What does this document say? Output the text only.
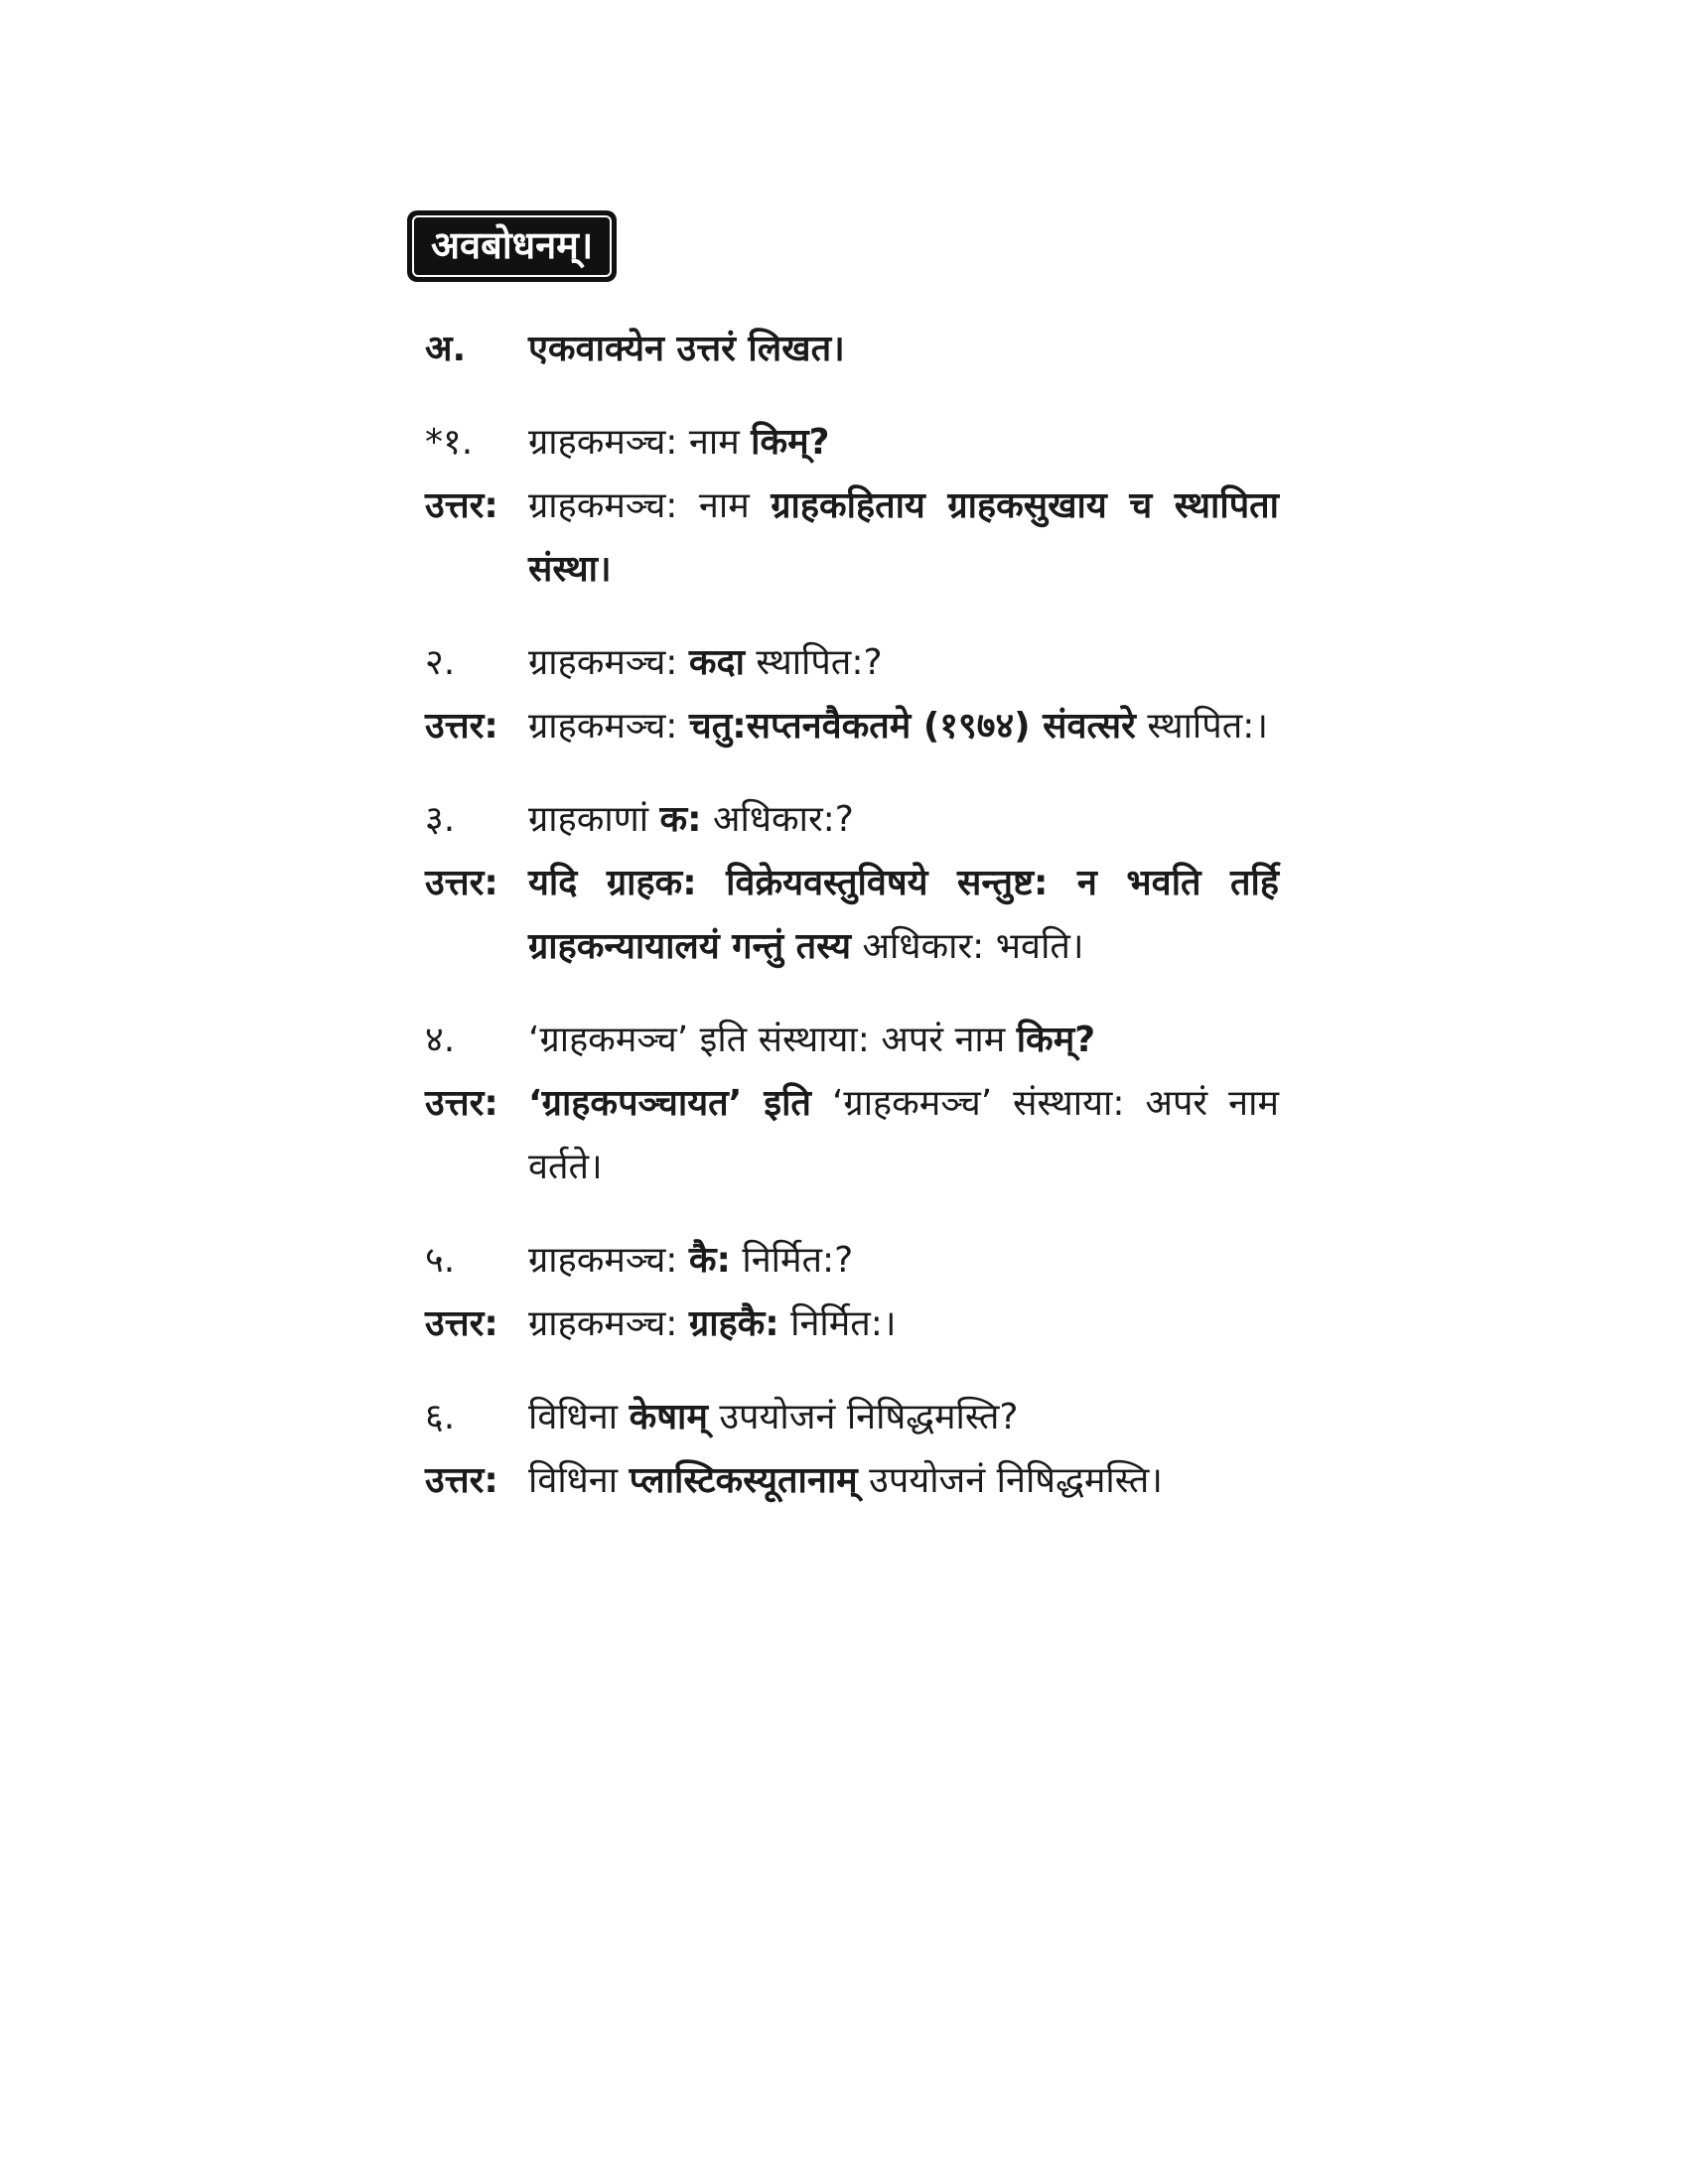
अवबोधनम्।
अ. एकवाक्येन उत्तरं लिखत।
*१. ग्राहकमञ्च: नाम किम्?
उत्तर: ग्राहकमञ्च: नाम ग्राहकहिताय ग्राहकसुखाय च स्थापिता संस्था।
२. ग्राहकमञ्च: कदा स्थापित:?
उत्तर: ग्राहकमञ्च: चतु:सप्तनवैकतमे (१९७४) संवत्सरे स्थापित:।
३. ग्राहकाणां क: अधिकार:?
उत्तर: यदि ग्राहक: विक्रेयवस्तुविषये सन्तुष्ट: न भवति तर्हि ग्राहकन्यायालयं गन्तुं तस्य अधिकार: भवति।
४. ‘ग्राहकमञ्च’ इति संस्थाया: अपरं नाम किम्?
उत्तर: ‘ग्राहकपञ्चायत’ इति ‘ग्राहकमञ्च’ संस्थाया: अपरं नाम वर्तते।
५. ग्राहकमञ्च: कै: निर्मित:?
उत्तर: ग्राहकमञ्च: ग्राहकै: निर्मित:।
६. विधिना केषाम् उपयोजनं निषिद्धमस्ति?
उत्तर: विधिना प्लास्टिकस्यूतानाम् उपयोजनं निषिद्धमस्ति।
